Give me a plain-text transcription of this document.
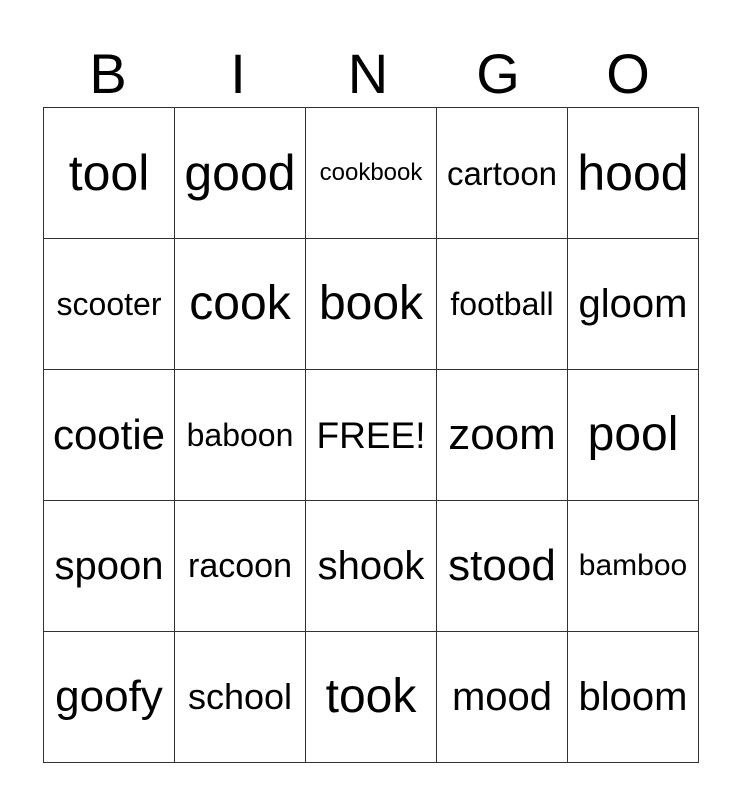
B	I	N	G	O
tool	good	cookbook	cartoon	hood
scooter	cook	book	football	gloom
cootie	baboon	FREE!	zoom	pool
spoon	racoon	shook	stood	bamboo
goofy	school	took	mood	bloom
